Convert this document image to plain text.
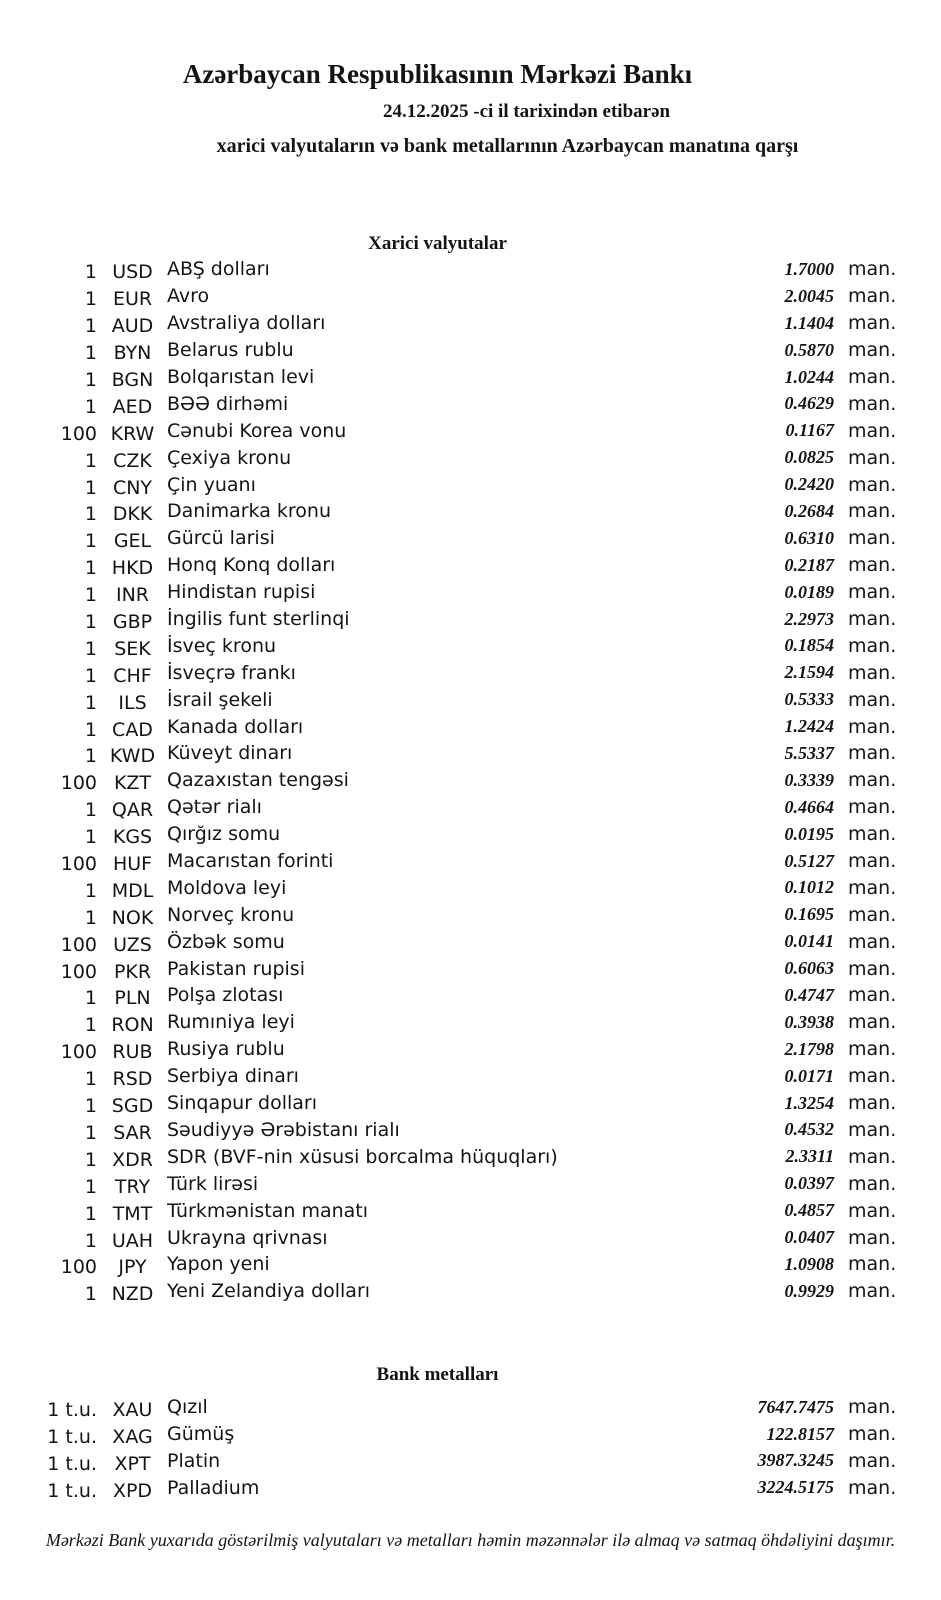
Azərbaycan Respublikasının Mərkəzi Bankı
24.12.2025 -ci il tarixindən etibarən
xarici valyutaların və bank metallarının Azərbaycan manatına qarşı
Xarici valyutalar
1 USD ABŞ dolları	1.7000 man.
1 EUR Avro	2.0045 man.
1 AUD Avstraliya dolları	1.1404 man.
1 BYN Belarus rublu	0.5870 man.
1 BGN Bolqarıstan levi	1.0244 man.
1 AED BƏƏ dirhəmi	0.4629 man.
100 KRW Cənubi Korea vonu	0.1167 man.
1 CZK Çexiya kronu	0.0825 man.
1 CNY Çin yuanı	0.2420 man.
1 DKK Danimarka kronu	0.2684 man.
1 GEL Gürcü larisi	0.6310 man.
1 HKD Honq Konq dolları	0.2187 man.
1 INR Hindistan rupisi	0.0189 man.
1 GBP İngilis funt sterlinqi	2.2973 man.
1 SEK İsveç kronu	0.1854 man.
1 CHF İsveçrə frankı	2.1594 man.
1	ILS	İsrail şekeli	0.5333 man.
1 CAD Kanada dolları	1.2424 man.
1 KWD Küveyt dinarı	5.5337 man.
100 KZT Qazaxıstan tengəsi	0.3339 man.
1 QAR Qətər rialı	0.4664 man.
1 KGS Qırğız somu	0.0195 man.
100 HUF Macarıstan forinti	0.5127 man.
1 MDL Moldova leyi	0.1012 man.
1 NOK Norveç kronu	0.1695 man.
100 UZS Özbək somu	0.0141 man.
100 PKR Pakistan rupisi	0.6063 man.
1 PLN Polşa zlotası	0.4747 man.
1 RON Rumıniya leyi	0.3938 man.
100 RUB Rusiya rublu	2.1798 man.
1 RSD Serbiya dinarı	0.0171 man.
1 SGD Sinqapur dolları	1.3254 man.
1 SAR Səudiyyə Ərəbistanı rialı	0.4532 man.
1 XDR SDR (BVF-nin xüsusi borcalma hüquqları)	2.3311 man.
1 TRY Türk lirəsi	0.0397 man.
1 TMT Türkmənistan manatı	0.4857 man.
1 UAH Ukrayna qrivnası	0.0407 man.
100	JPY	Yapon yeni	1.0908 man.
1 NZD Yeni Zelandiya dolları	0.9929 man.
Bank metalları
1 t.u. XAU Qızıl	7647.7475 man.
1 t.u. XAG Gümüş	122.8157 man.
1 t.u. XPT Platin	3987.3245 man.
1 t.u. XPD Palladium	3224.5175 man.

Mərkəzi Bank yuxarıda göstərilmiş valyutaları və metalları həmin məzənnələr ilə almaq və satmaq öhdəliyini daşımır.
